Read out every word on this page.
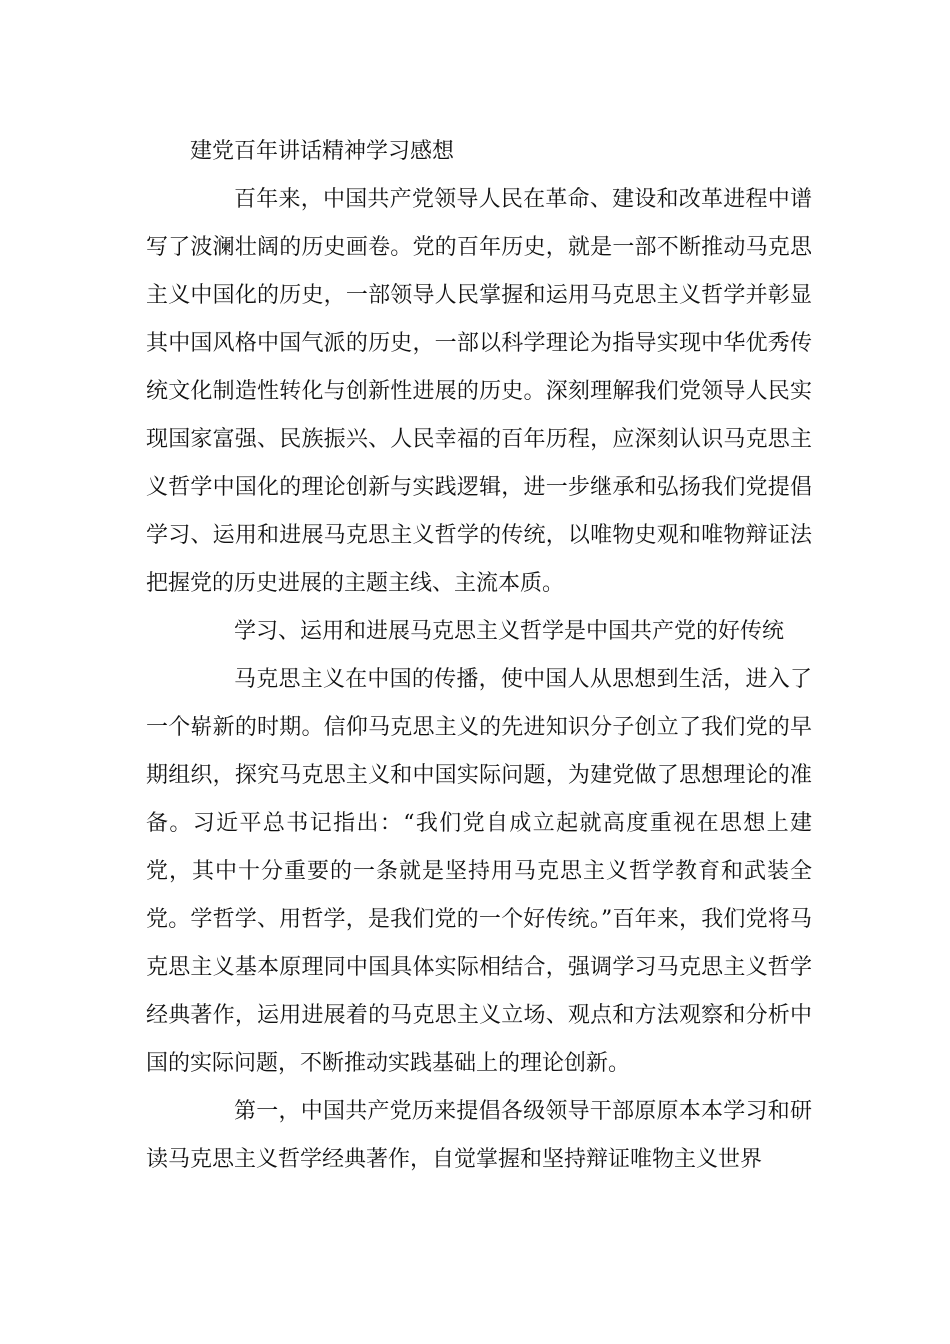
建党百年讲话精神学习感想

百年来，中国共产党领导人民在革命、建设和改革进程中谱写了波澜壮阔的历史画卷。党的百年历史，就是一部不断推动马克思主义中国化的历史，一部领导人民掌握和运用马克思主义哲学并彰显其中国风格中国气派的历史，一部以科学理论为指导实现中华优秀传统文化制造性转化与创新性进展的历史。深刻理解我们党领导人民实现国家富强、民族振兴、人民幸福的百年历程，应深刻认识马克思主义哲学中国化的理论创新与实践逻辑，进一步继承和弘扬我们党提倡学习、运用和进展马克思主义哲学的传统，以唯物史观和唯物辩证法把握党的历史进展的主题主线、主流本质。

学习、运用和进展马克思主义哲学是中国共产党的好传统

马克思主义在中国的传播，使中国人从思想到生活，进入了一个崭新的时期。信仰马克思主义的先进知识分子创立了我们党的早期组织，探究马克思主义和中国实际问题，为建党做了思想理论的准备。习近平总书记指出：“我们党自成立起就高度重视在思想上建党，其中十分重要的一条就是坚持用马克思主义哲学教育和武装全党。学哲学、用哲学，是我们党的一个好传统。”百年来，我们党将马克思主义基本原理同中国具体实际相结合，强调学习马克思主义哲学经典著作，运用进展着的马克思主义立场、观点和方法观察和分析中国的实际问题，不断推动实践基础上的理论创新。

第一，中国共产党历来提倡各级领导干部原原本本学习和研读马克思主义哲学经典著作，自觉掌握和坚持辩证唯物主义世界
